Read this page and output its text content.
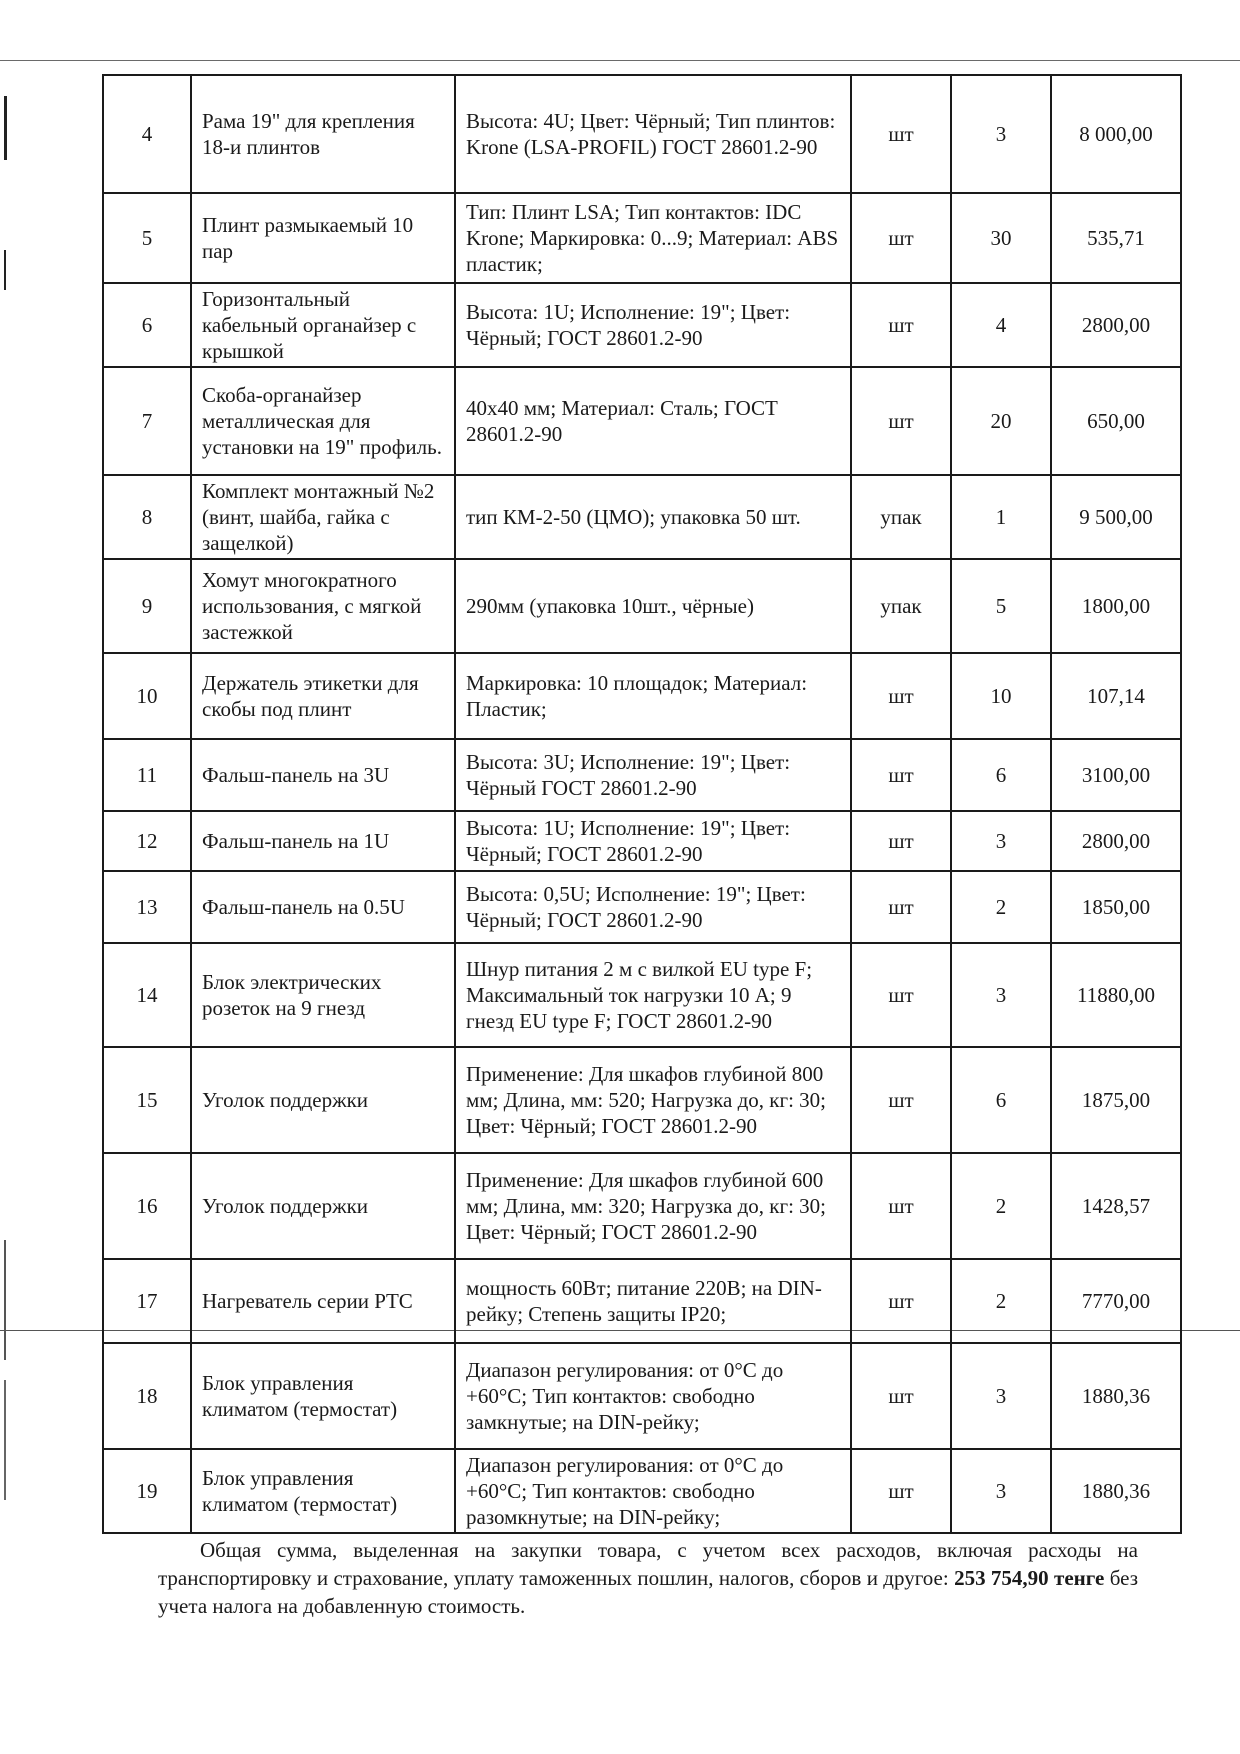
4	Рама 19" для крепления 18-и плинтов	Высота: 4U; Цвет: Чёрный; Тип плинтов: Krone (LSA-PROFIL) ГОСТ 28601.2-90	шт	3	8 000,00
5	Плинт размыкаемый 10 пар	Тип: Плинт LSA; Тип контактов: IDC Krone; Маркировка: 0...9; Материал: ABS пластик;	шт	30	535,71
6	Горизонтальный кабельный органайзер с крышкой	Высота: 1U; Исполнение: 19"; Цвет: Чёрный; ГОСТ 28601.2-90	шт	4	2800,00
7	Скоба-органайзер металлическая для установки на 19" профиль.	40x40 мм; Материал: Сталь; ГОСТ 28601.2-90	шт	20	650,00
8	Комплект монтажный №2 (винт, шайба, гайка с защелкой)	тип КМ-2-50 (ЦМО); упаковка 50 шт.	упак	1	9 500,00
9	Хомут многократного использования, с мягкой застежкой	290мм (упаковка 10шт., чёрные)	упак	5	1800,00
10	Держатель этикетки для скобы под плинт	Маркировка: 10 площадок; Материал: Пластик;	шт	10	107,14
11	Фальш-панель на 3U	Высота: 3U; Исполнение: 19"; Цвет: Чёрный ГОСТ 28601.2-90	шт	6	3100,00
12	Фальш-панель на 1U	Высота: 1U; Исполнение: 19"; Цвет: Чёрный; ГОСТ 28601.2-90	шт	3	2800,00
13	Фальш-панель на 0.5U	Высота: 0,5U; Исполнение: 19"; Цвет: Чёрный; ГОСТ 28601.2-90	шт	2	1850,00
14	Блок электрических розеток на 9 гнезд	Шнур питания 2 м с вилкой EU type F; Максимальный ток нагрузки 10 А; 9 гнезд EU type F; ГОСТ 28601.2-90	шт	3	11880,00
15	Уголок поддержки	Применение: Для шкафов глубиной 800 мм; Длина, мм: 520; Нагрузка до, кг: 30; Цвет: Чёрный; ГОСТ 28601.2-90	шт	6	1875,00
16	Уголок поддержки	Применение: Для шкафов глубиной 600 мм; Длина, мм: 320; Нагрузка до, кг: 30; Цвет: Чёрный; ГОСТ 28601.2-90	шт	2	1428,57
17	Нагреватель серии PTC	мощность 60Вт; питание 220В; на DIN-рейку; Степень защиты IP20;	шт	2	7770,00
18	Блок управления климатом (термостат)	Диапазон регулирования: от 0°С до +60°С; Тип контактов: свободно замкнутые; на DIN-рейку;	шт	3	1880,36
19	Блок управления климатом (термостат)	Диапазон регулирования: от 0°С до +60°С; Тип контактов: свободно разомкнутые; на DIN-рейку;	шт	3	1880,36
Общая сумма, выделенная на закупки товара, с учетом всех расходов, включая расходы на транспортировку и страхование, уплату таможенных пошлин, налогов, сборов и другое: 253 754,90 тенге без учета налога на добавленную стоимость.
